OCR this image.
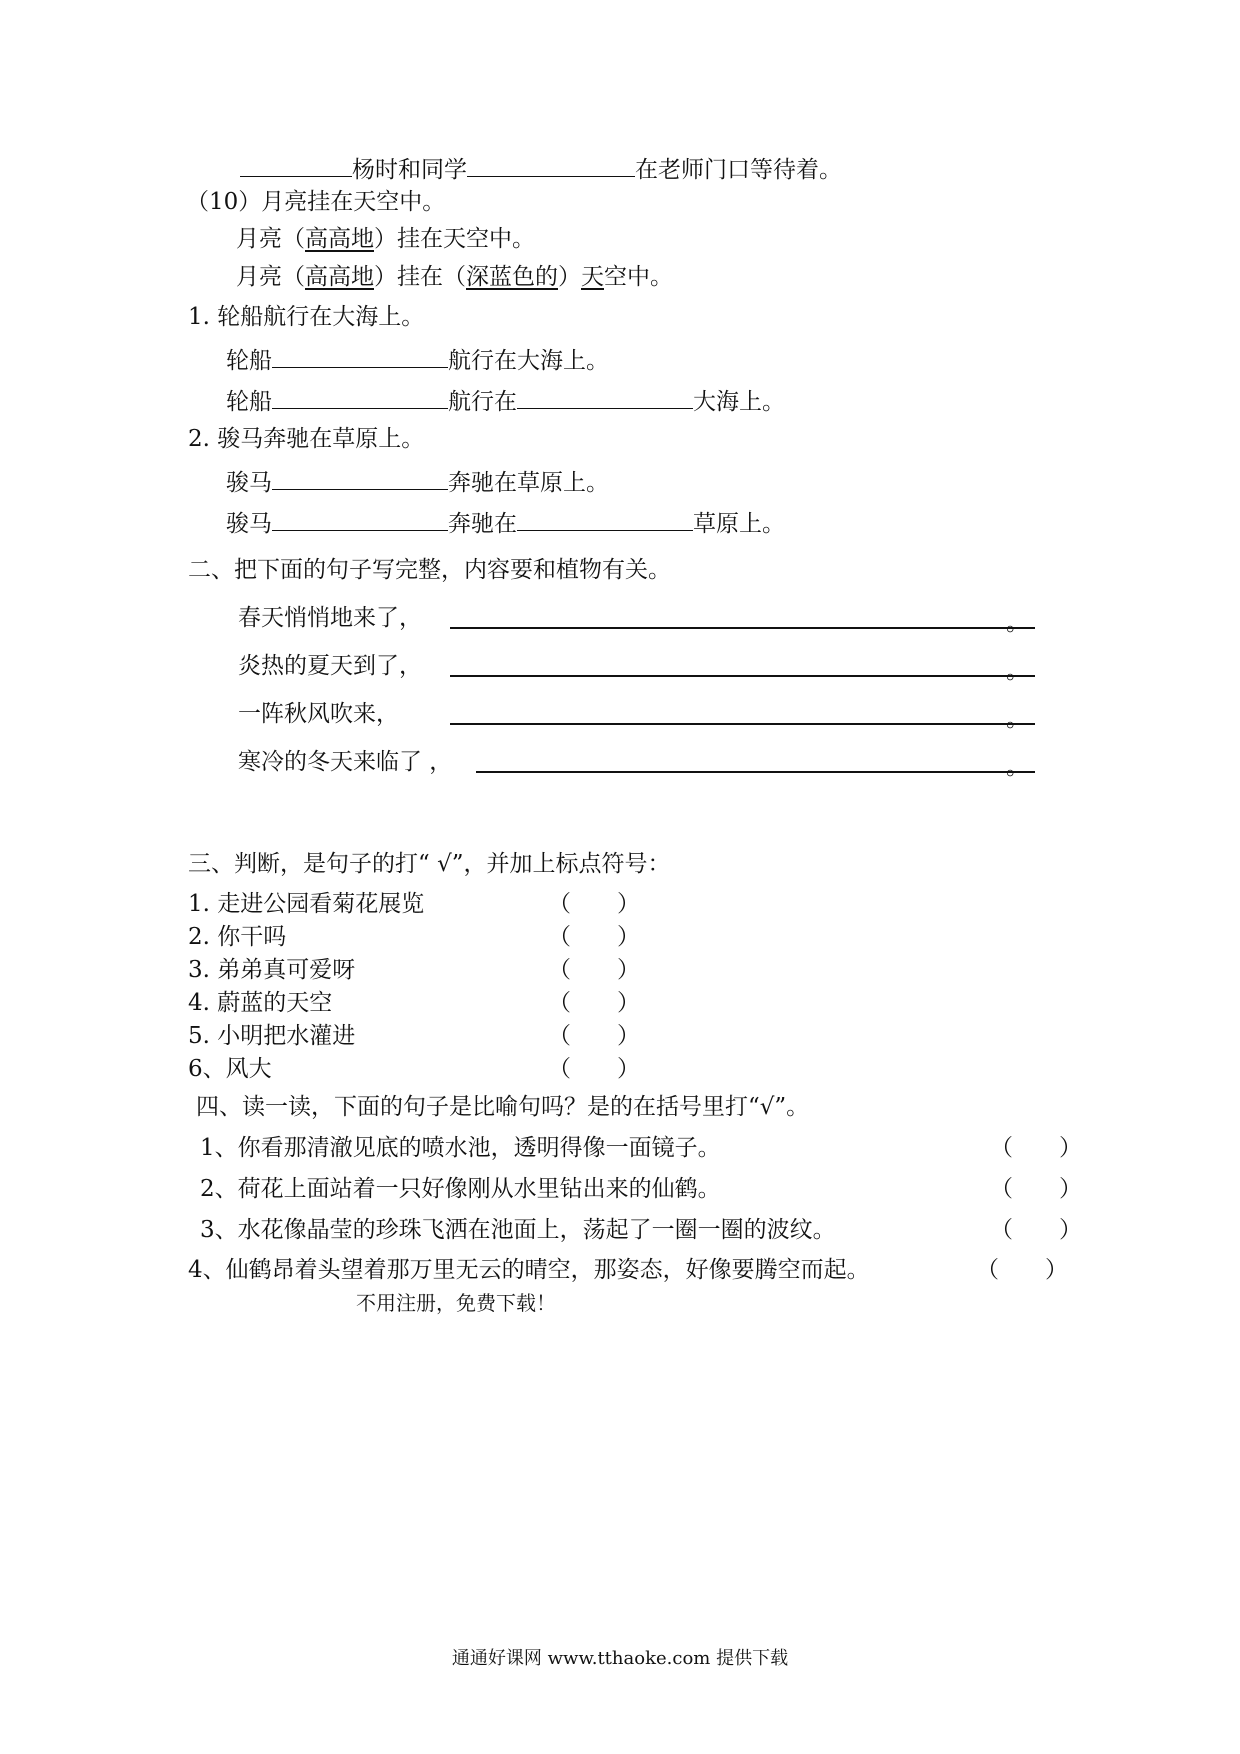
杨时和同学	在老师门口等待着。
（10）月亮挂在天空中。
月亮（高高地）挂在天空中。
月亮（高高地）挂在（深蓝色的）天空中。
1. 轮船航行在大海上。
轮船	航行在大海上。
轮船	航行在	大海上。
2. 骏马奔驰在草原上。
骏马	奔驰在草原上。
骏马	奔驰在	草原上。
二、把下面的句子写完整，内容要和植物有关。
春天悄悄地来了，	。
炎热的夏天到了，	。
一阵秋风吹来，	。
寒冷的冬天来临了 ，	。
三、判断，是句子的打“ √”，并加上标点符号：
1. 走进公园看菊花展览	（　　）
2. 你干吗	（　　）
3. 弟弟真可爱呀	（　　）
4. 蔚蓝的天空	（　　）
5. 小明把水灌进	（　　）
6、风大	（　　）
四、读一读，下面的句子是比喻句吗？是的在括号里打“√”。
1、你看那清澈见底的喷水池，透明得像一面镜子。	（　　）
2、荷花上面站着一只好像刚从水里钻出来的仙鹤。	（　　）
3、水花像晶莹的珍珠飞洒在池面上，荡起了一圈一圈的波纹。	（　　）
4、仙鹤昂着头望着那万里无云的晴空，那姿态，好像要腾空而起。	（　　）
不用注册，免费下载！
通通好课网 www.tthaoke.com 提供下载
